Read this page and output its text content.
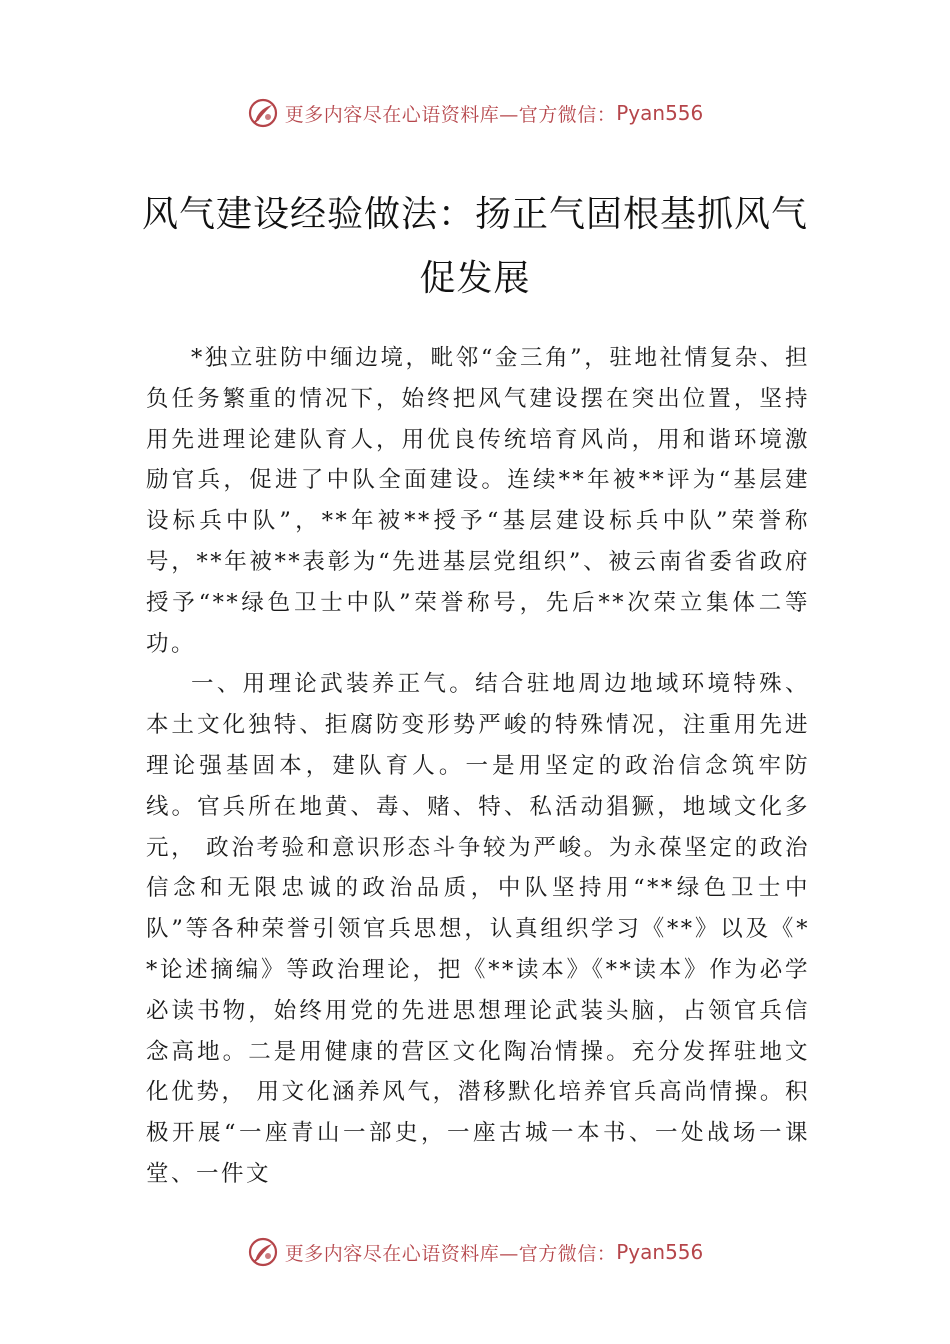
更多内容尽在心语资料库—官方微信： Pyan556
风气建设经验做法：扬正气固根基抓风气
促发展

*独立驻防中缅边境，毗邻“金三角”，驻地社情复杂、担负任务繁重的情况下，始终把风气建设摆在突出位置，坚持用先进理论建队育人，用优良传统培育风尚，用和谐环境激励官兵，促进了中队全面建设。连续**年被**评为“基层建设标兵中队”，**年被**授予“基层建设标兵中队”荣誉称号，**年被**表彰为“先进基层党组织”、被云南省委省政府授予“**绿色卫士中队”荣誉称号，先后**次荣立集体二等功。

一、用理论武装养正气。结合驻地周边地域环境特殊、本土文化独特、拒腐防变形势严峻的特殊情况，注重用先进理论强基固本，建队育人。一是用坚定的政治信念筑牢防线。官兵所在地黄、毒、赌、特、私活动猖獗，地域文化多元， 政治考验和意识形态斗争较为严峻。为永葆坚定的政治信念和无限忠诚的政治品质，中队坚持用“**绿色卫士中队”等各种荣誉引领官兵思想，认真组织学习《**》以及《**论述摘编》等政治理论，把《**读本》《**读本》作为必学必读书物，始终用党的先进思想理论武装头脑，占领官兵信念高地。二是用健康的营区文化陶冶情操。充分发挥驻地文化优势， 用文化涵养风气，潜移默化培养官兵高尚情操。积极开展“一座青山一部史，一座古城一本书、一处战场一课堂、一件文

更多内容尽在心语资料库—官方微信： Pyan556
